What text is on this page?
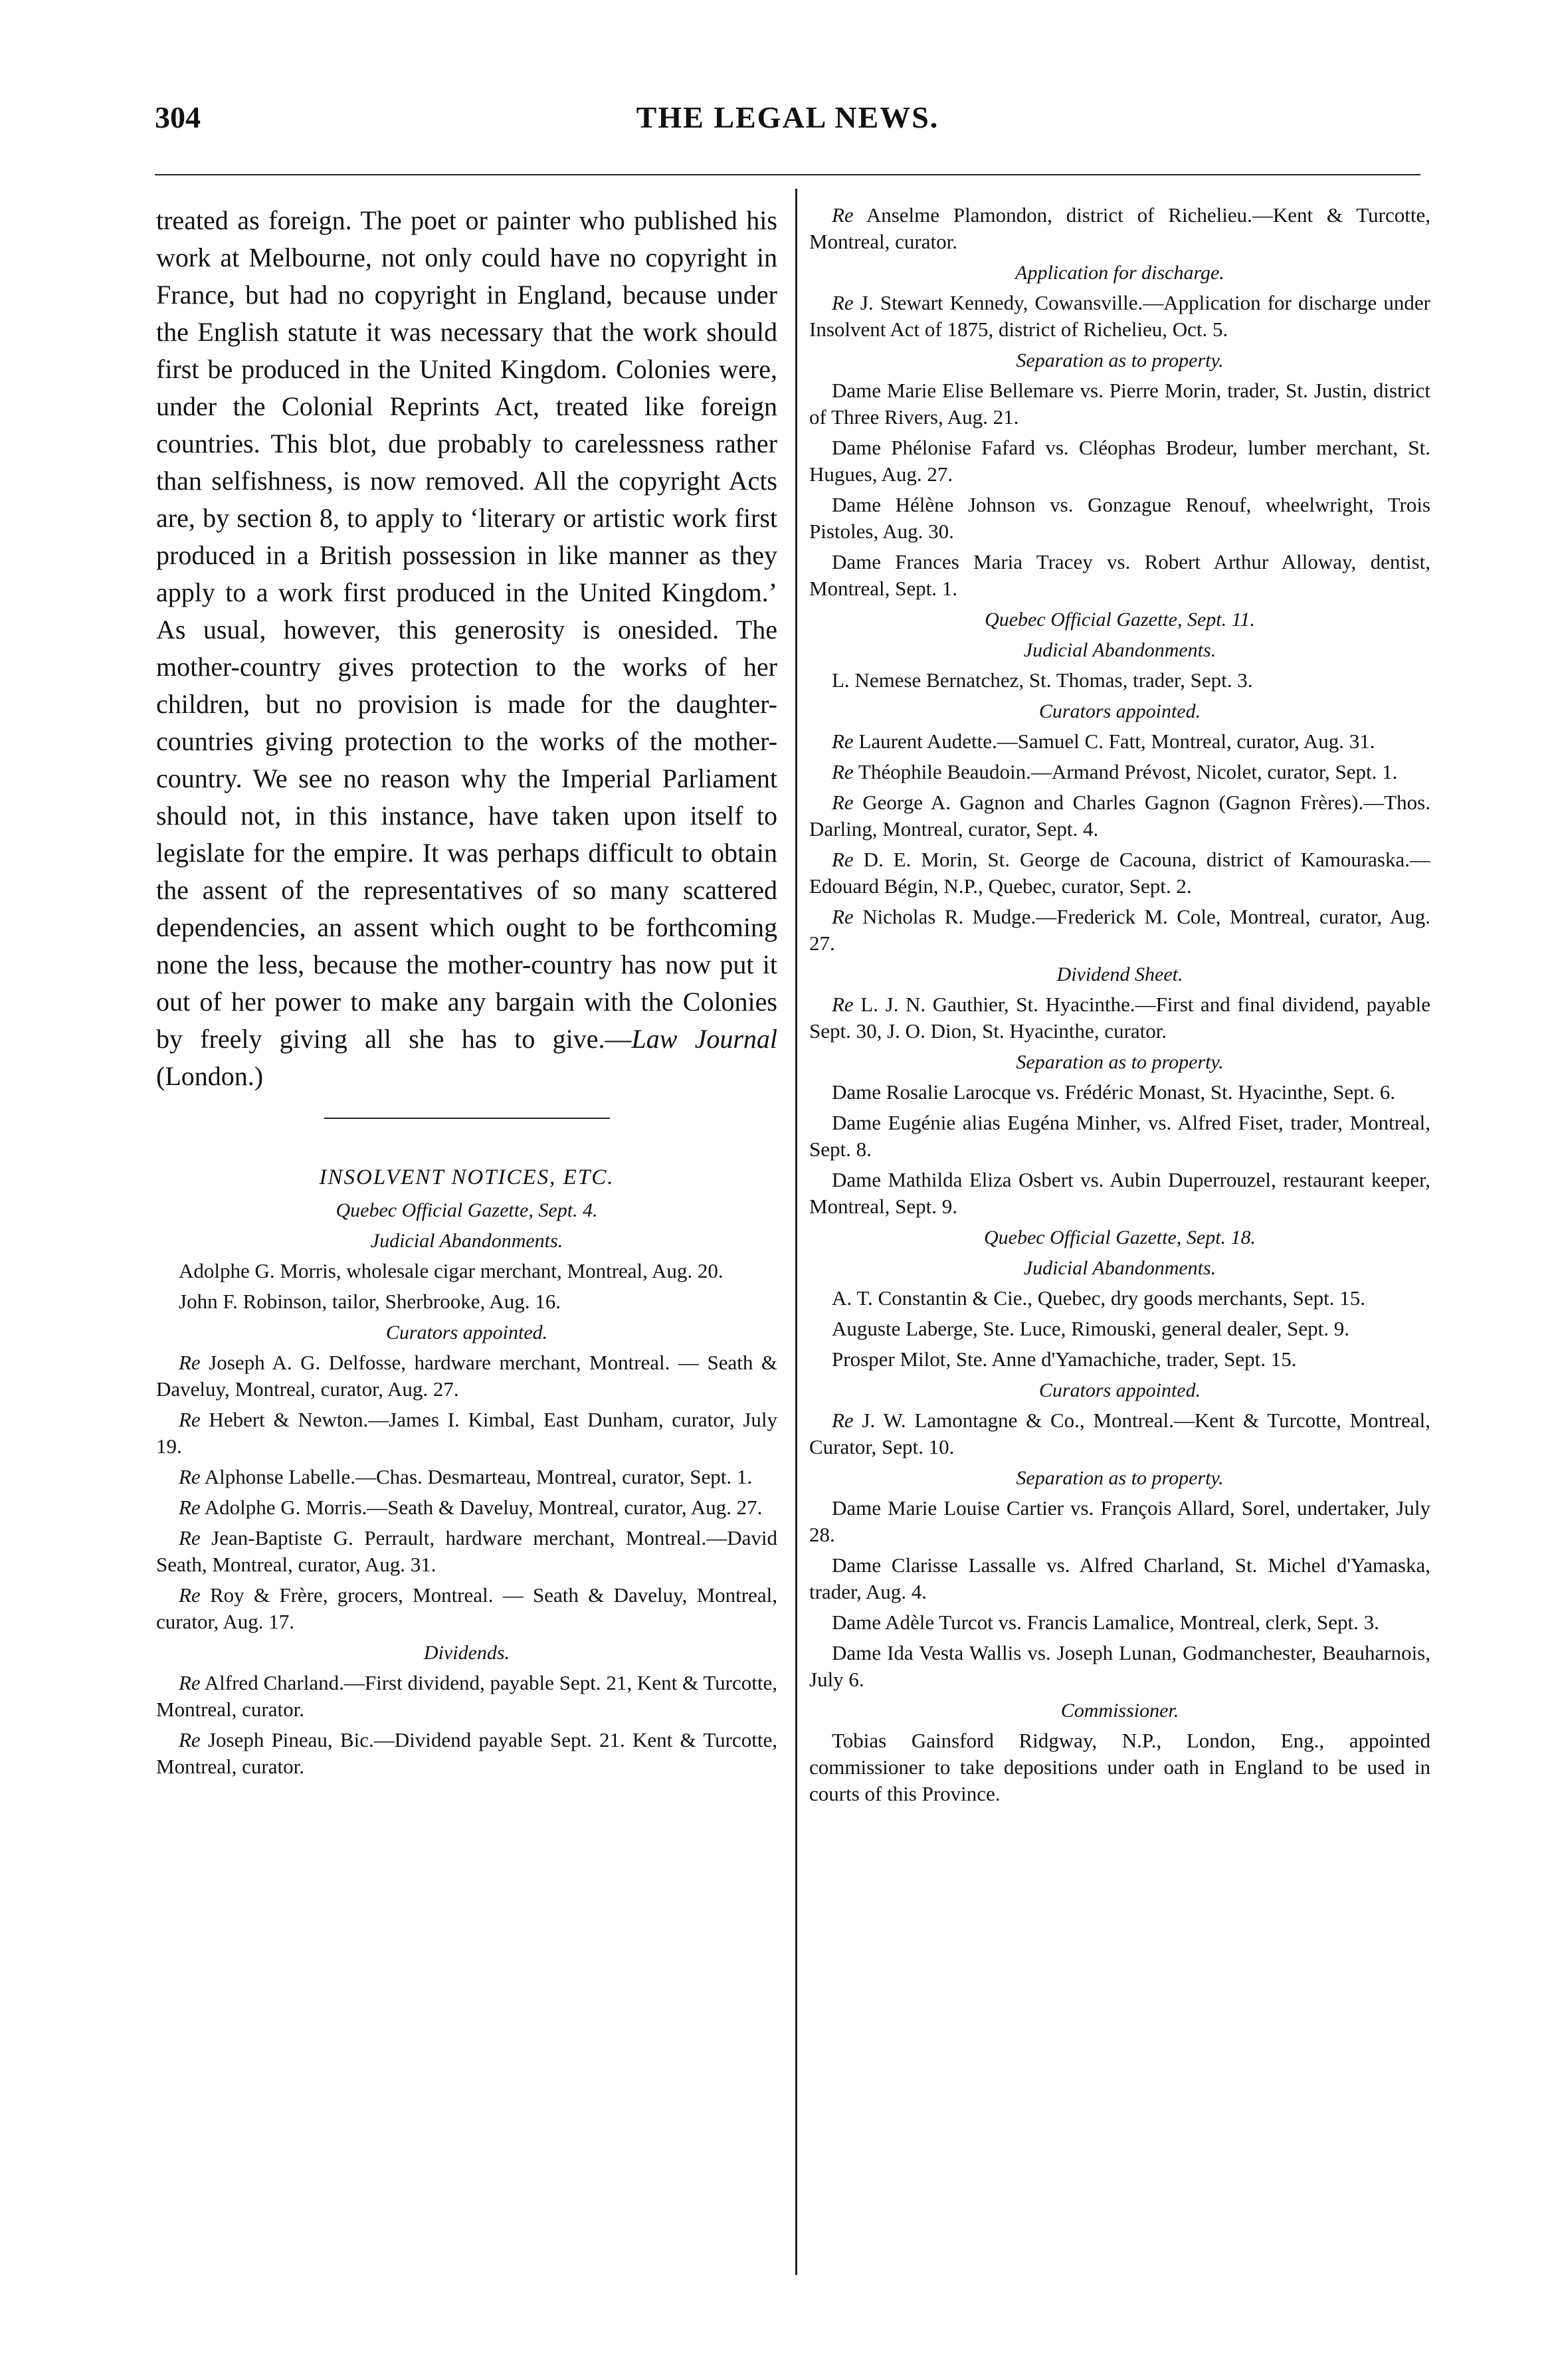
304	THE LEGAL NEWS.

treated as foreign. The poet or painter who published his work at Melbourne, not only could have no copyright in France, but had no copyright in England, because under the English statute it was necessary that the work should first be produced in the United Kingdom. Colonies were, under the Colonial Reprints Act, treated like foreign countries. This blot, due probably to carelessness rather than selfishness, is now removed. All the copyright Acts are, by section 8, to apply to ‘literary or artistic work first produced in a British possession in like manner as they apply to a work first produced in the United Kingdom.’ As usual, however, this generosity is onesided. The mother-country gives protection to the works of her children, but no provision is made for the daughter-countries giving protection to the works of the mother-country. We see no reason why the Imperial Parliament should not, in this instance, have taken upon itself to legislate for the empire. It was perhaps difficult to obtain the assent of the representatives of so many scattered dependencies, an assent which ought to be forthcoming none the less, because the mother-country has now put it out of her power to make any bargain with the Colonies by freely giving all she has to give.—Law Journal (London.)

INSOLVENT NOTICES, ETC.
Quebec Official Gazette, Sept. 4.
Judicial Abandonments.
Adolphe G. Morris, wholesale cigar merchant, Montreal, Aug. 20.
John F. Robinson, tailor, Sherbrooke, Aug. 16.
Curators appointed.
Re Joseph A. G. Delfosse, hardware merchant, Montreal. — Seath & Daveluy, Montreal, curator, Aug. 27.
Re Hebert & Newton.—James I. Kimbal, East Dunham, curator, July 19.
Re Alphonse Labelle.—Chas. Desmarteau, Montreal, curator, Sept. 1.
Re Adolphe G. Morris.—Seath & Daveluy, Montreal, curator, Aug. 27.
Re Jean-Baptiste G. Perrault, hardware merchant, Montreal.—David Seath, Montreal, curator, Aug. 31.
Re Roy & Frère, grocers, Montreal. — Seath & Daveluy, Montreal, curator, Aug. 17.
Dividends.
Re Alfred Charland.—First dividend, payable Sept. 21, Kent & Turcotte, Montreal, curator.
Re Joseph Pineau, Bic.—Dividend payable Sept. 21. Kent & Turcotte, Montreal, curator.
Re Anselme Plamondon, district of Richelieu.—Kent & Turcotte, Montreal, curator.
Application for discharge.
Re J. Stewart Kennedy, Cowansville.—Application for discharge under Insolvent Act of 1875, district of Richelieu, Oct. 5.
Separation as to property.
Dame Marie Elise Bellemare vs. Pierre Morin, trader, St. Justin, district of Three Rivers, Aug. 21.
Dame Phélonise Fafard vs. Cléophas Brodeur, lumber merchant, St. Hugues, Aug. 27.
Dame Hélène Johnson vs. Gonzague Renouf, wheelwright, Trois Pistoles, Aug. 30.
Dame Frances Maria Tracey vs. Robert Arthur Alloway, dentist, Montreal, Sept. 1.
Quebec Official Gazette, Sept. 11.
Judicial Abandonments.
L. Nemese Bernatchez, St. Thomas, trader, Sept. 3.
Curators appointed.
Re Laurent Audette.—Samuel C. Fatt, Montreal, curator, Aug. 31.
Re Théophile Beaudoin.—Armand Prévost, Nicolet, curator, Sept. 1.
Re George A. Gagnon and Charles Gagnon (Gagnon Frères).—Thos. Darling, Montreal, curator, Sept. 4.
Re D. E. Morin, St. George de Cacouna, district of Kamouraska.—Edouard Bégin, N.P., Quebec, curator, Sept. 2.
Re Nicholas R. Mudge.—Frederick M. Cole, Montreal, curator, Aug. 27.
Dividend Sheet.
Re L. J. N. Gauthier, St. Hyacinthe.—First and final dividend, payable Sept. 30, J. O. Dion, St. Hyacinthe, curator.
Separation as to property.
Dame Rosalie Larocque vs. Frédéric Monast, St. Hyacinthe, Sept. 6.
Dame Eugénie alias Eugéna Minher, vs. Alfred Fiset, trader, Montreal, Sept. 8.
Dame Mathilda Eliza Osbert vs. Aubin Duperrouzel, restaurant keeper, Montreal, Sept. 9.
Quebec Official Gazette, Sept. 18.
Judicial Abandonments.
A. T. Constantin & Cie., Quebec, dry goods merchants, Sept. 15.
Auguste Laberge, Ste. Luce, Rimouski, general dealer, Sept. 9.
Prosper Milot, Ste. Anne d'Yamachiche, trader, Sept. 15.
Curators appointed.
Re J. W. Lamontagne & Co., Montreal.—Kent & Turcotte, Montreal, Curator, Sept. 10.
Separation as to property.
Dame Marie Louise Cartier vs. François Allard, Sorel, undertaker, July 28.
Dame Clarisse Lassalle vs. Alfred Charland, St. Michel d'Yamaska, trader, Aug. 4.
Dame Adèle Turcot vs. Francis Lamalice, Montreal, clerk, Sept. 3.
Dame Ida Vesta Wallis vs. Joseph Lunan, Godmanchester, Beauharnois, July 6.
Commissioner.
Tobias Gainsford Ridgway, N.P., London, Eng., appointed commissioner to take depositions under oath in England to be used in courts of this Province.
